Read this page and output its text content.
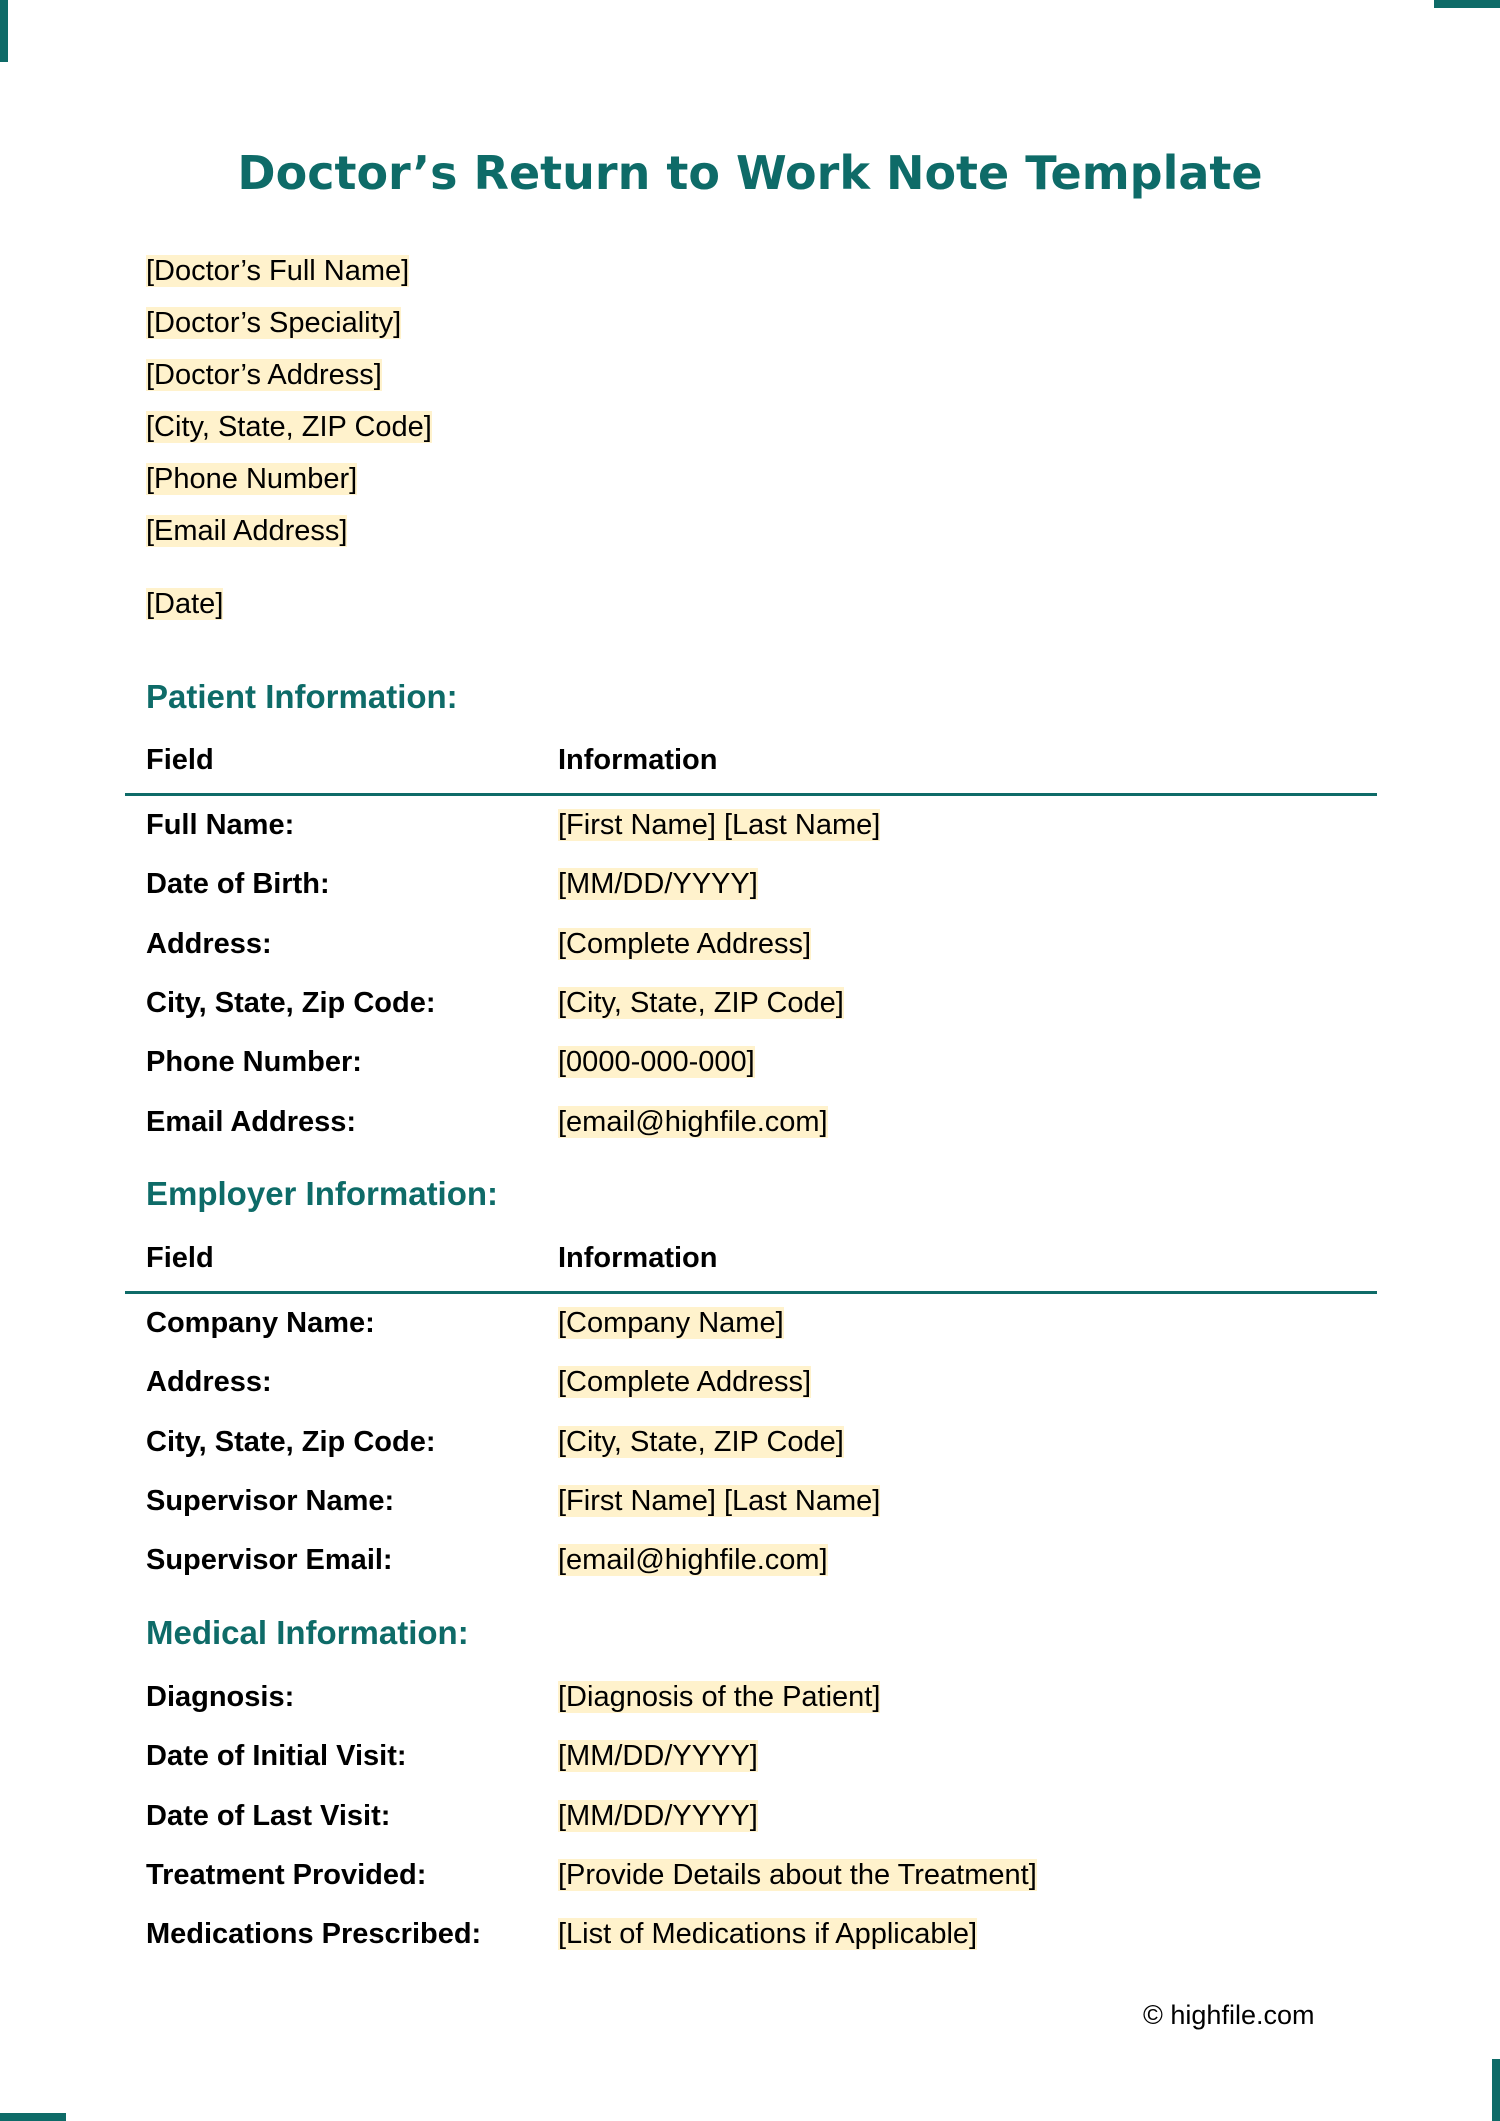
Doctor’s Return to Work Note Template
[Doctor’s Full Name]
[Doctor’s Speciality]
[Doctor’s Address]
[City, State, ZIP Code]
[Phone Number]
[Email Address]
[Date]
Patient Information:
Field	Information
Full Name:	[First Name] [Last Name]
Date of Birth:	[MM/DD/YYYY]
Address:	[Complete Address]
City, State, Zip Code:	[City, State, ZIP Code]
Phone Number:	[0000-000-000]
Email Address:	[email@highfile.com]
Employer Information:
Field	Information
Company Name:	[Company Name]
Address:	[Complete Address]
City, State, Zip Code:	[City, State, ZIP Code]
Supervisor Name:	[First Name] [Last Name]
Supervisor Email:	[email@highfile.com]
Medical Information:
Diagnosis:	[Diagnosis of the Patient]
Date of Initial Visit:	[MM/DD/YYYY]
Date of Last Visit:	[MM/DD/YYYY]
Treatment Provided:	[Provide Details about the Treatment]
Medications Prescribed:	[List of Medications if Applicable]
© highfile.com
